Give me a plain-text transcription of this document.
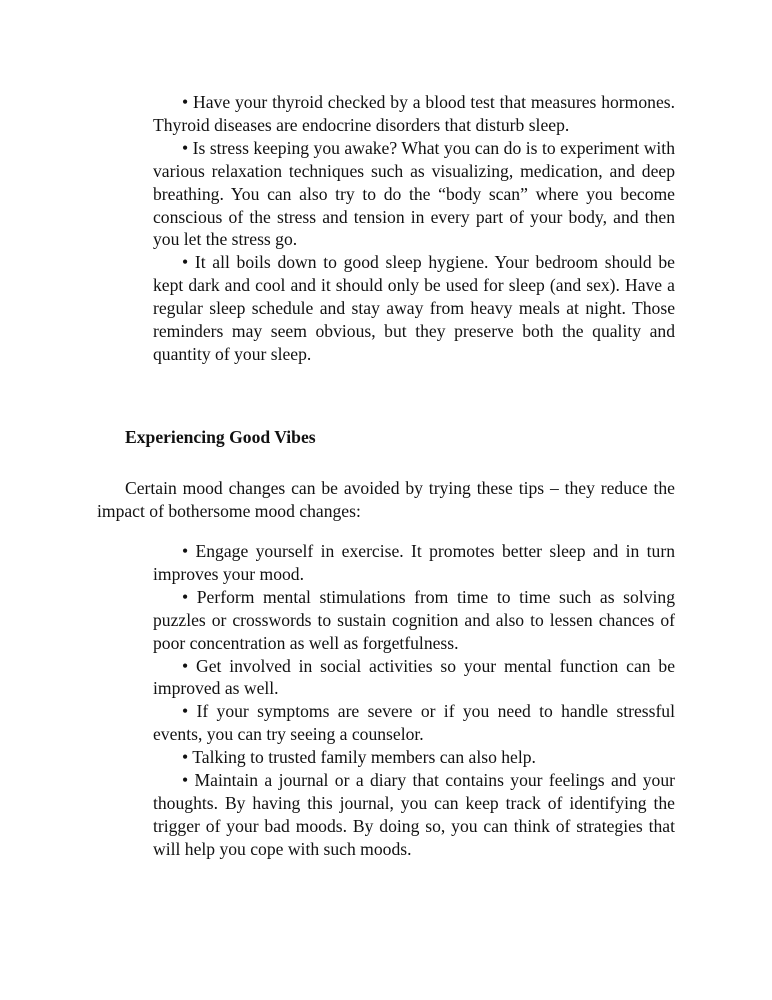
• Have your thyroid checked by a blood test that measures hormones. Thyroid diseases are endocrine disorders that disturb sleep.

• Is stress keeping you awake? What you can do is to experiment with various relaxation techniques such as visualizing, medication, and deep breathing. You can also try to do the “body scan” where you become conscious of the stress and tension in every part of your body, and then you let the stress go.

• It all boils down to good sleep hygiene. Your bedroom should be kept dark and cool and it should only be used for sleep (and sex). Have a regular sleep schedule and stay away from heavy meals at night. Those reminders may seem obvious, but they preserve both the quality and quantity of your sleep.

Experiencing Good Vibes

Certain mood changes can be avoided by trying these tips – they reduce the impact of bothersome mood changes:

• Engage yourself in exercise. It promotes better sleep and in turn improves your mood.

• Perform mental stimulations from time to time such as solving puzzles or crosswords to sustain cognition and also to lessen chances of poor concentration as well as forgetfulness.

• Get involved in social activities so your mental function can be improved as well.

• If your symptoms are severe or if you need to handle stressful events, you can try seeing a counselor.

• Talking to trusted family members can also help.

• Maintain a journal or a diary that contains your feelings and your thoughts. By having this journal, you can keep track of identifying the trigger of your bad moods. By doing so, you can think of strategies that will help you cope with such moods.
